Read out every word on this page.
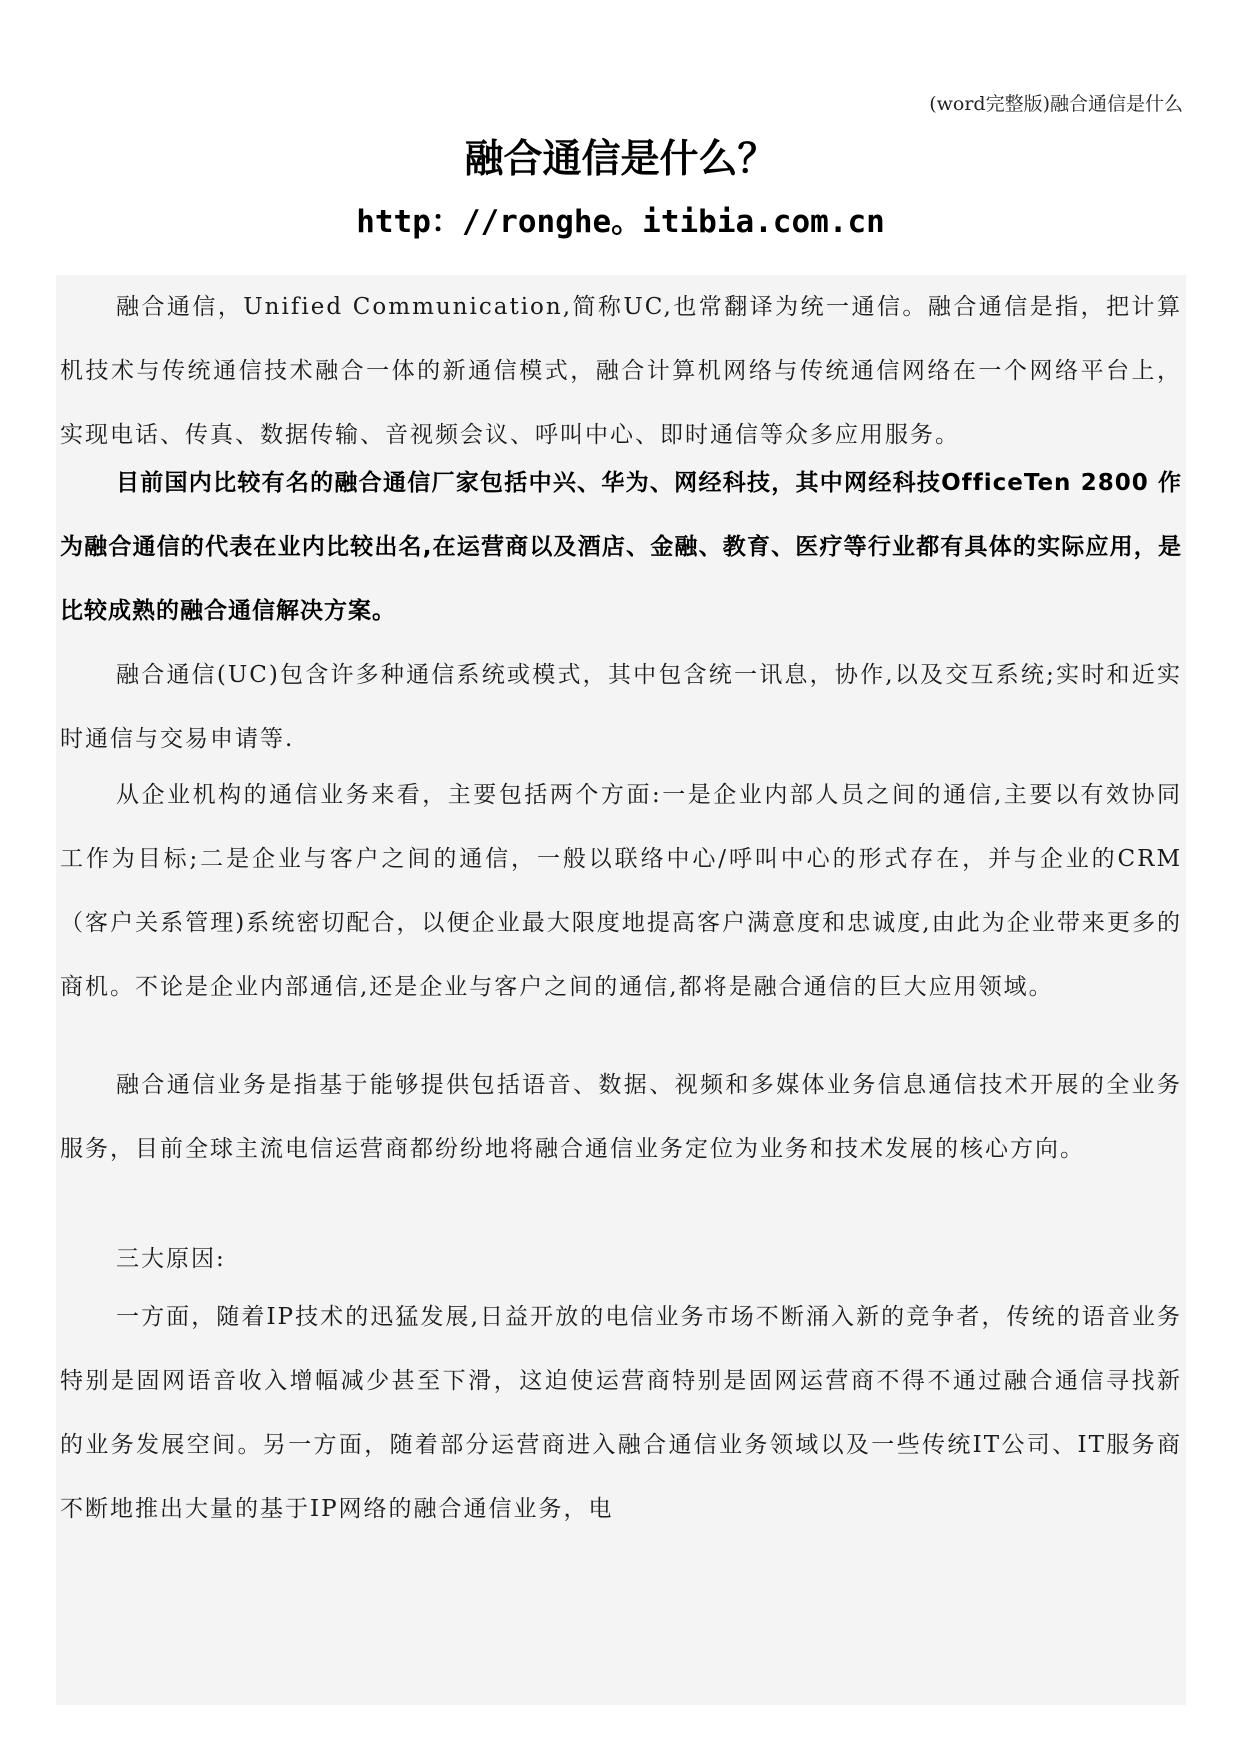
(word完整版)融合通信是什么
融合通信是什么？
http：//ronghe。itibia.com.cn

融合通信，Unified Communication,简称UC,也常翻译为统一通信。融合通信是指，把计算机技术与传统通信技术融合一体的新通信模式，融合计算机网络与传统通信网络在一个网络平台上，实现电话、传真、数据传输、音视频会议、呼叫中心、即时通信等众多应用服务。

目前国内比较有名的融合通信厂家包括中兴、华为、网经科技，其中网经科技OfficeTen 2800 作为融合通信的代表在业内比较出名,在运营商以及酒店、金融、教育、医疗等行业都有具体的实际应用，是比较成熟的融合通信解决方案。

融合通信(UC)包含许多种通信系统或模式，其中包含统一讯息，协作,以及交互系统;实时和近实时通信与交易申请等.

从企业机构的通信业务来看，主要包括两个方面:一是企业内部人员之间的通信,主要以有效协同工作为目标;二是企业与客户之间的通信，一般以联络中心/呼叫中心的形式存在，并与企业的CRM（客户关系管理)系统密切配合，以便企业最大限度地提高客户满意度和忠诚度,由此为企业带来更多的商机。不论是企业内部通信,还是企业与客户之间的通信,都将是融合通信的巨大应用领域。

融合通信业务是指基于能够提供包括语音、数据、视频和多媒体业务信息通信技术开展的全业务服务，目前全球主流电信运营商都纷纷地将融合通信业务定位为业务和技术发展的核心方向。

三大原因:

一方面，随着IP技术的迅猛发展,日益开放的电信业务市场不断涌入新的竞争者，传统的语音业务特别是固网语音收入增幅减少甚至下滑，这迫使运营商特别是固网运营商不得不通过融合通信寻找新的业务发展空间。另一方面，随着部分运营商进入融合通信业务领域以及一些传统IT公司、IT服务商不断地推出大量的基于IP网络的融合通信业务，电
